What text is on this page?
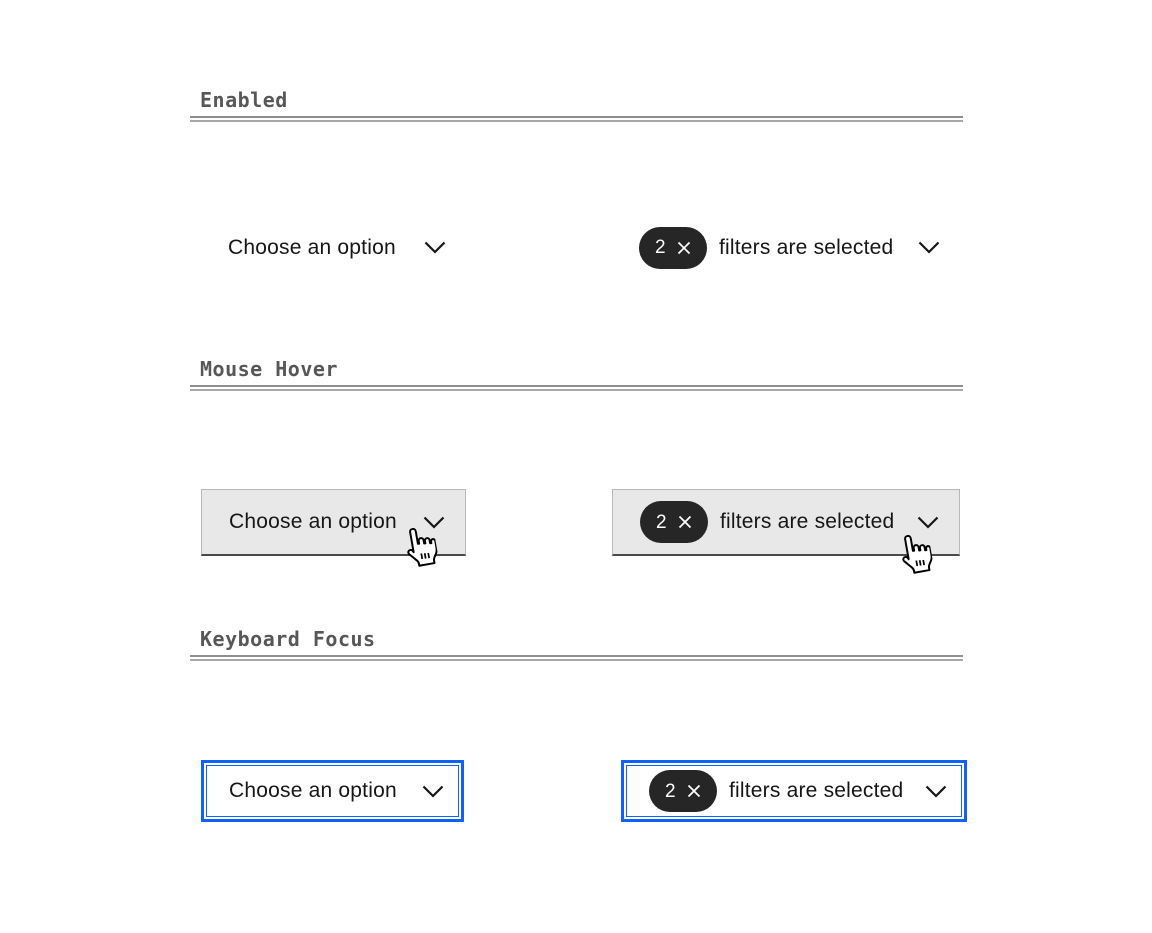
Enabled
Choose an option	2	filters are selected
Mouse Hover
Choose an option	2	filters are selected
Keyboard Focus
Choose an option	2	filters are selected
